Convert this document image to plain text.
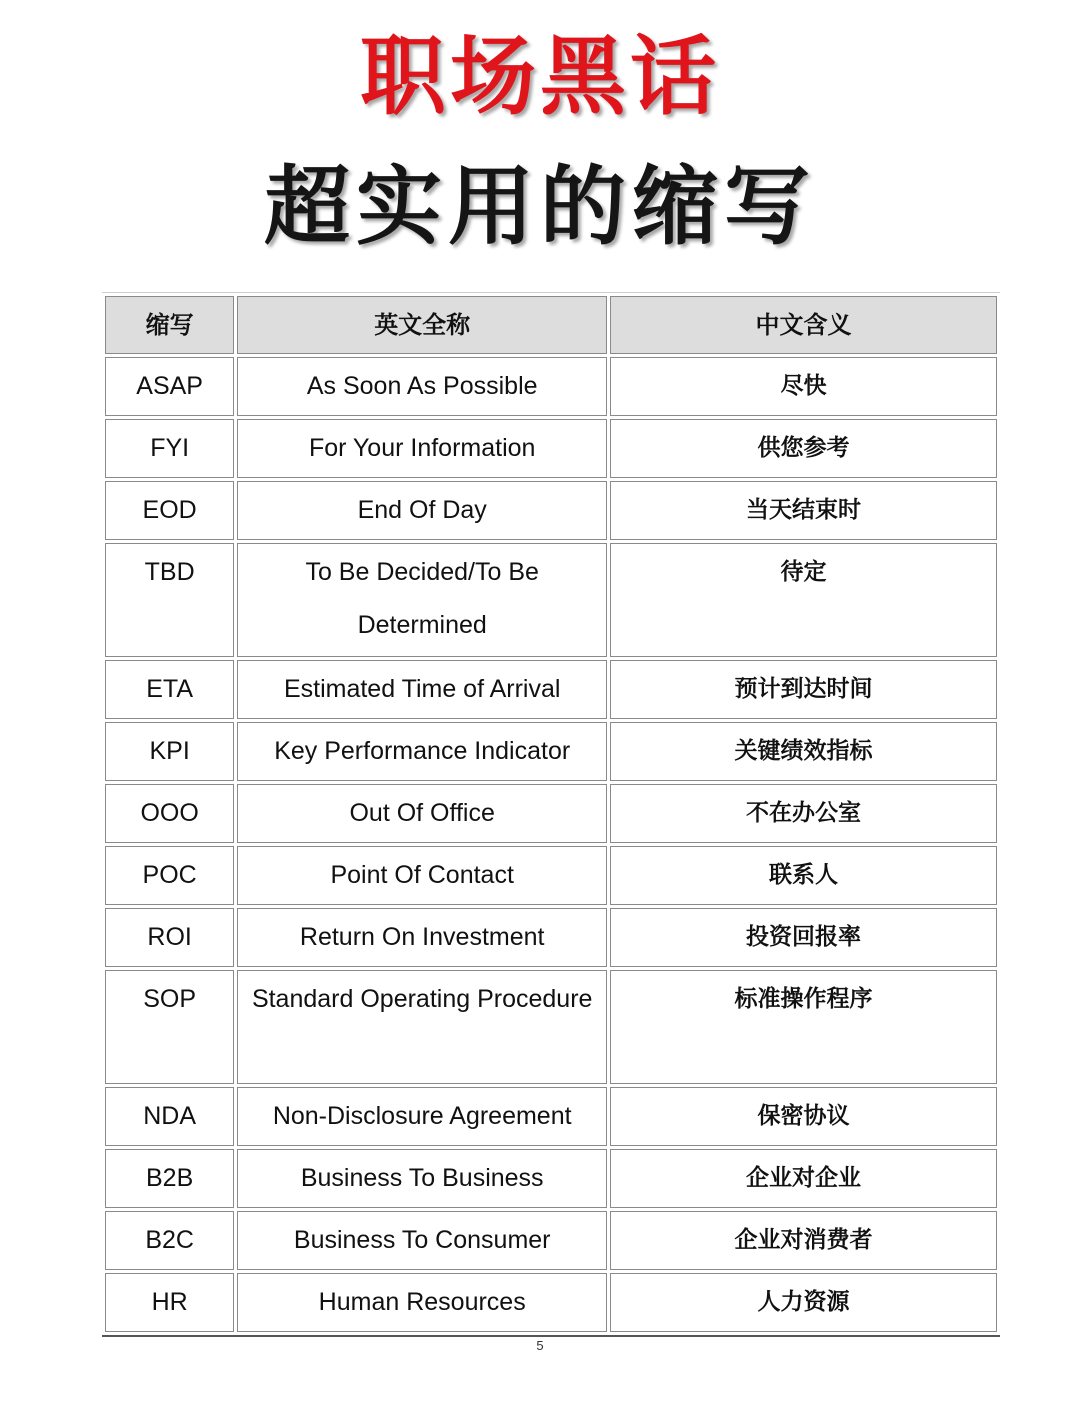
职场黑话
超实用的缩写
缩写	英文全称	中文含义
ASAP	As Soon As Possible	尽快
FYI	For Your Information	供您参考
EOD	End Of Day	当天结束时
TBD	To Be Decided/To Be Determined	待定
ETA	Estimated Time of Arrival	预计到达时间
KPI	Key Performance Indicator	关键绩效指标
OOO	Out Of Office	不在办公室
POC	Point Of Contact	联系人
ROI	Return On Investment	投资回报率
SOP	Standard Operating Procedure	标准操作程序
NDA	Non-Disclosure Agreement	保密协议
B2B	Business To Business	企业对企业
B2C	Business To Consumer	企业对消费者
HR	Human Resources	人力资源
5
